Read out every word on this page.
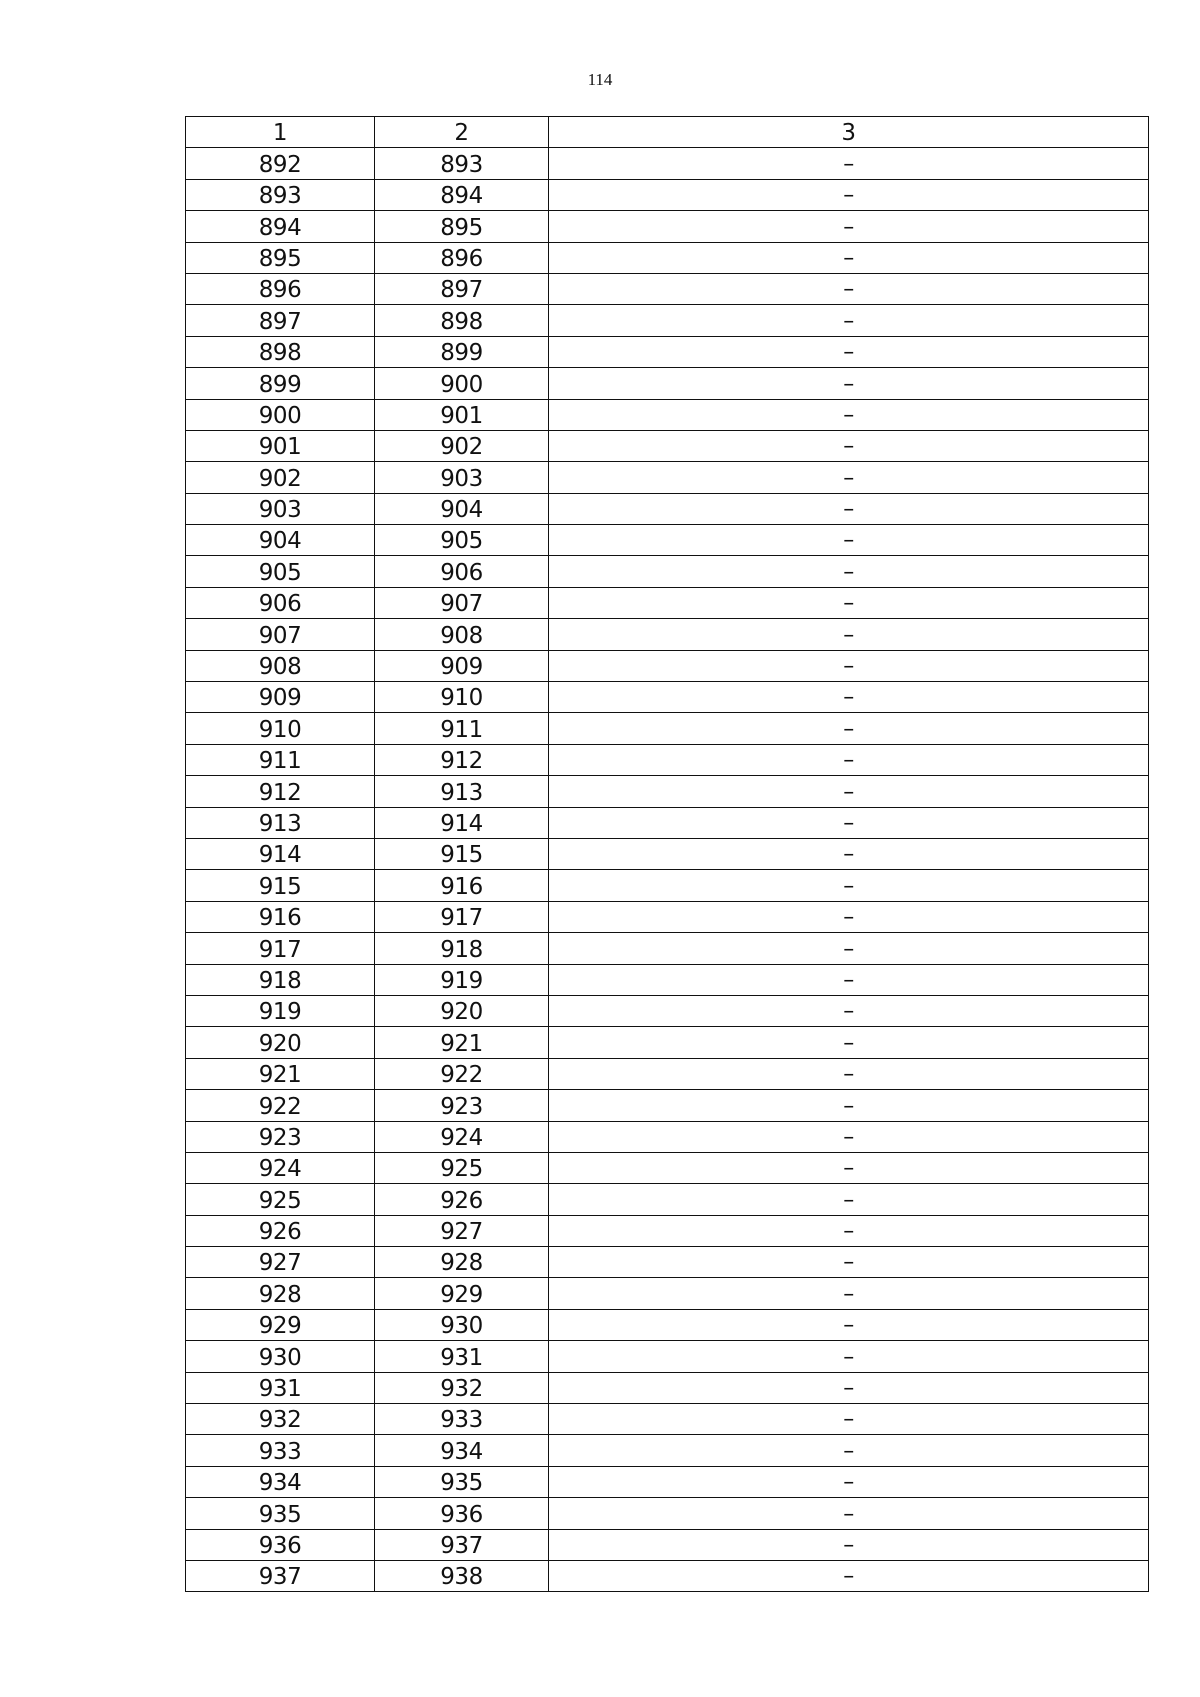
114
1	2	3
892	893	–
893	894	–
894	895	–
895	896	–
896	897	–
897	898	–
898	899	–
899	900	–
900	901	–
901	902	–
902	903	–
903	904	–
904	905	–
905	906	–
906	907	–
907	908	–
908	909	–
909	910	–
910	911	–
911	912	–
912	913	–
913	914	–
914	915	–
915	916	–
916	917	–
917	918	–
918	919	–
919	920	–
920	921	–
921	922	–
922	923	–
923	924	–
924	925	–
925	926	–
926	927	–
927	928	–
928	929	–
929	930	–
930	931	–
931	932	–
932	933	–
933	934	–
934	935	–
935	936	–
936	937	–
937	938	–
